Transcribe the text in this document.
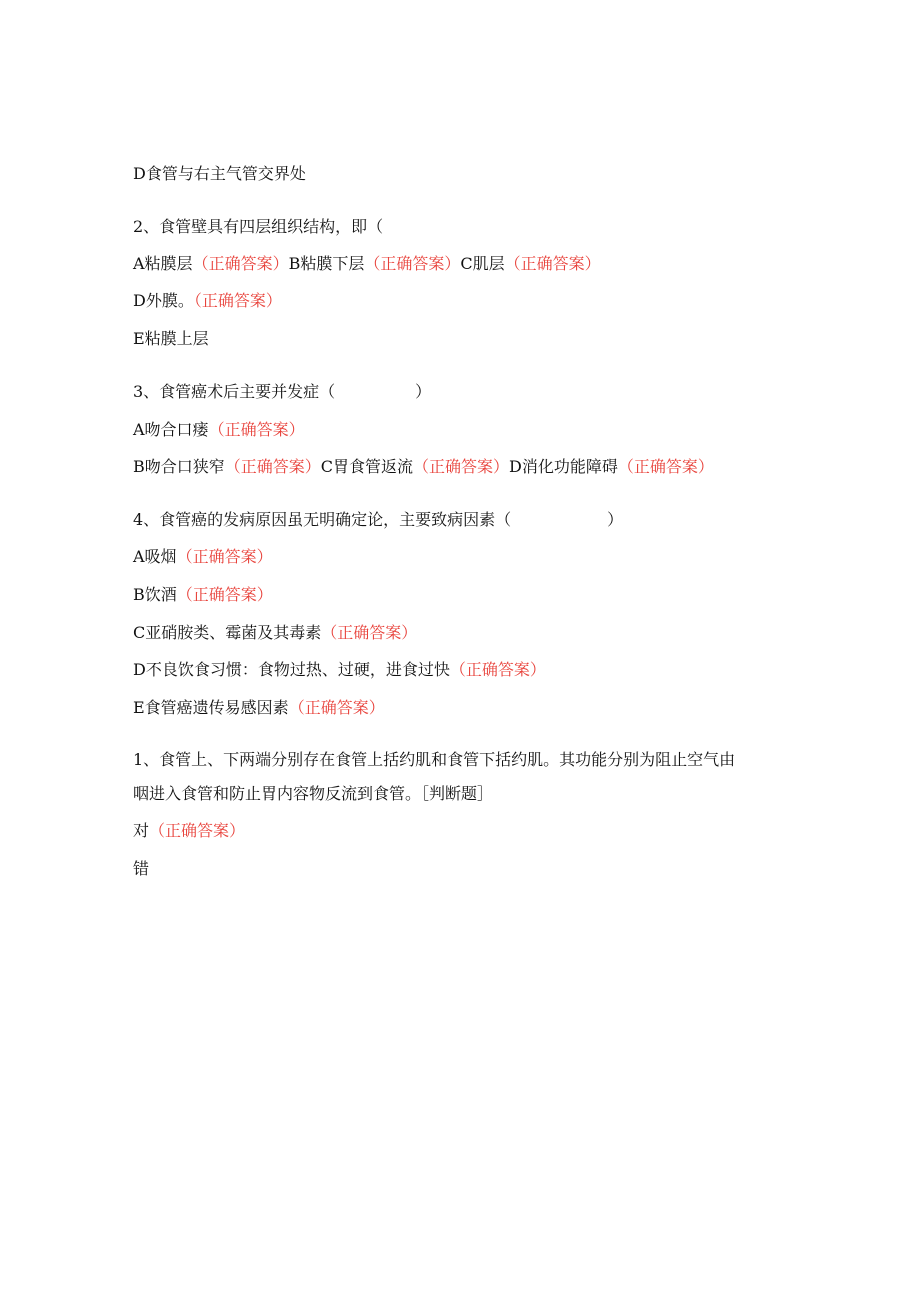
D食管与右主气管交界处
2、食管壁具有四层组织结构，即（
A粘膜层（正确答案）B粘膜下层（正确答案）C肌层（正确答案）
D外膜。（正确答案）
E粘膜上层
3、食管癌术后主要并发症（　　　　　）
A吻合口瘘（正确答案）
B吻合口狭窄（正确答案）C胃食管返流（正确答案）D消化功能障碍（正确答案）
4、食管癌的发病原因虽无明确定论，主要致病因素（　　　　　　）
A吸烟（正确答案）
B饮酒（正确答案）
C亚硝胺类、霉菌及其毒素（正确答案）
D不良饮食习惯：食物过热、过硬，进食过快（正确答案）
E食管癌遗传易感因素（正确答案）
1、食管上、下两端分别存在食管上括约肌和食管下括约肌。其功能分别为阻止空气由
咽进入食管和防止胃内容物反流到食管。［判断题］
对（正确答案）
错
